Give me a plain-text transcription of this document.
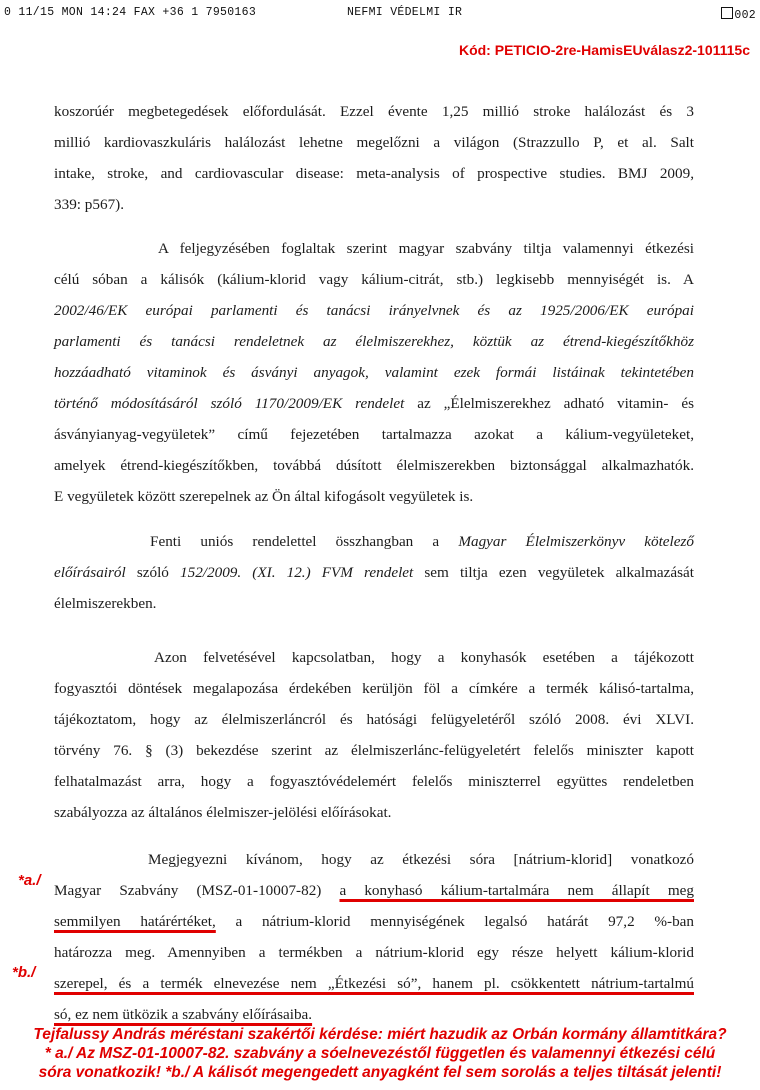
0 11/15 MON 14:24 FAX +36 1 7950163	NEFMI VÉDELMI IR	002
Kód: PETICIO-2re-HamisEUválasz2-101115c
koszorúér megbetegedések előfordulását. Ezzel évente 1,25 millió stroke halálozást és 3
millió kardiovaszkuláris halálozást lehetne megelőzni a világon (Strazzullo P, et al. Salt
intake, stroke, and cardiovascular disease: meta-analysis of prospective studies. BMJ 2009,
339: p567).
A feljegyzésében foglaltak szerint magyar szabvány tiltja valamennyi étkezési
célú sóban a kálisók (kálium-klorid vagy kálium-citrát, stb.) legkisebb mennyiségét is. A
2002/46/EK európai parlamenti és tanácsi irányelvnek és az 1925/2006/EK európai
parlamenti és tanácsi rendeletnek az élelmiszerekhez, köztük az étrend-kiegészítőkhöz
hozzáadható vitaminok és ásványi anyagok, valamint ezek formái listáinak tekintetében
történő módosításáról szóló 1170/2009/EK rendelet az „Élelmiszerekhez adható vitamin- és
ásványianyag-vegyületek” című fejezetében tartalmazza azokat a kálium-vegyületeket,
amelyek étrend-kiegészítőkben, továbbá dúsított élelmiszerekben biztonsággal alkalmazhatók.
E vegyületek között szerepelnek az Ön által kifogásolt vegyületek is.
Fenti uniós rendelettel összhangban a Magyar Élelmiszerkönyv kötelező
előírásairól szóló 152/2009. (XI. 12.) FVM rendelet sem tiltja ezen vegyületek alkalmazását
élelmiszerekben.
Azon felvetésével kapcsolatban, hogy a konyhasók esetében a tájékozott
fogyasztói döntések megalapozása érdekében kerüljön föl a címkére a termék kálisó-tartalma,
tájékoztatom, hogy az élelmiszerláncról és hatósági felügyeletéről szóló 2008. évi XLVI.
törvény 76. § (3) bekezdése szerint az élelmiszerlánc-felügyeletért felelős miniszter kapott
felhatalmazást arra, hogy a fogyasztóvédelemért felelős miniszterrel együttes rendeletben
szabályozza az általános élelmiszer-jelölési előírásokat.
Megjegyezni kívánom, hogy az étkezési sóra [nátrium-klorid] vonatkozó
Magyar Szabvány (MSZ-01-10007-82) a konyhasó kálium-tartalmára nem állapít meg
semmilyen határértéket, a nátrium-klorid mennyiségének legalsó határát 97,2 %-ban
határozza meg. Amennyiben a termékben a nátrium-klorid egy része helyett kálium-klorid
szerepel, és a termék elnevezése nem „Étkezési só”, hanem pl. csökkentett nátrium-tartalmú
só, ez nem ütközik a szabvány előírásaiba.
*a./
*b./
Tejfalussy András méréstani szakértői kérdése: miért hazudik az Orbán kormány államtitkára?
* a./ Az MSZ-01-10007-82. szabvány a sóelnevezéstől független és valamennyi étkezési célú
sóra vonatkozik! *b./ A kálisót megengedett anyagként fel sem sorolás a teljes tiltását jelenti!
